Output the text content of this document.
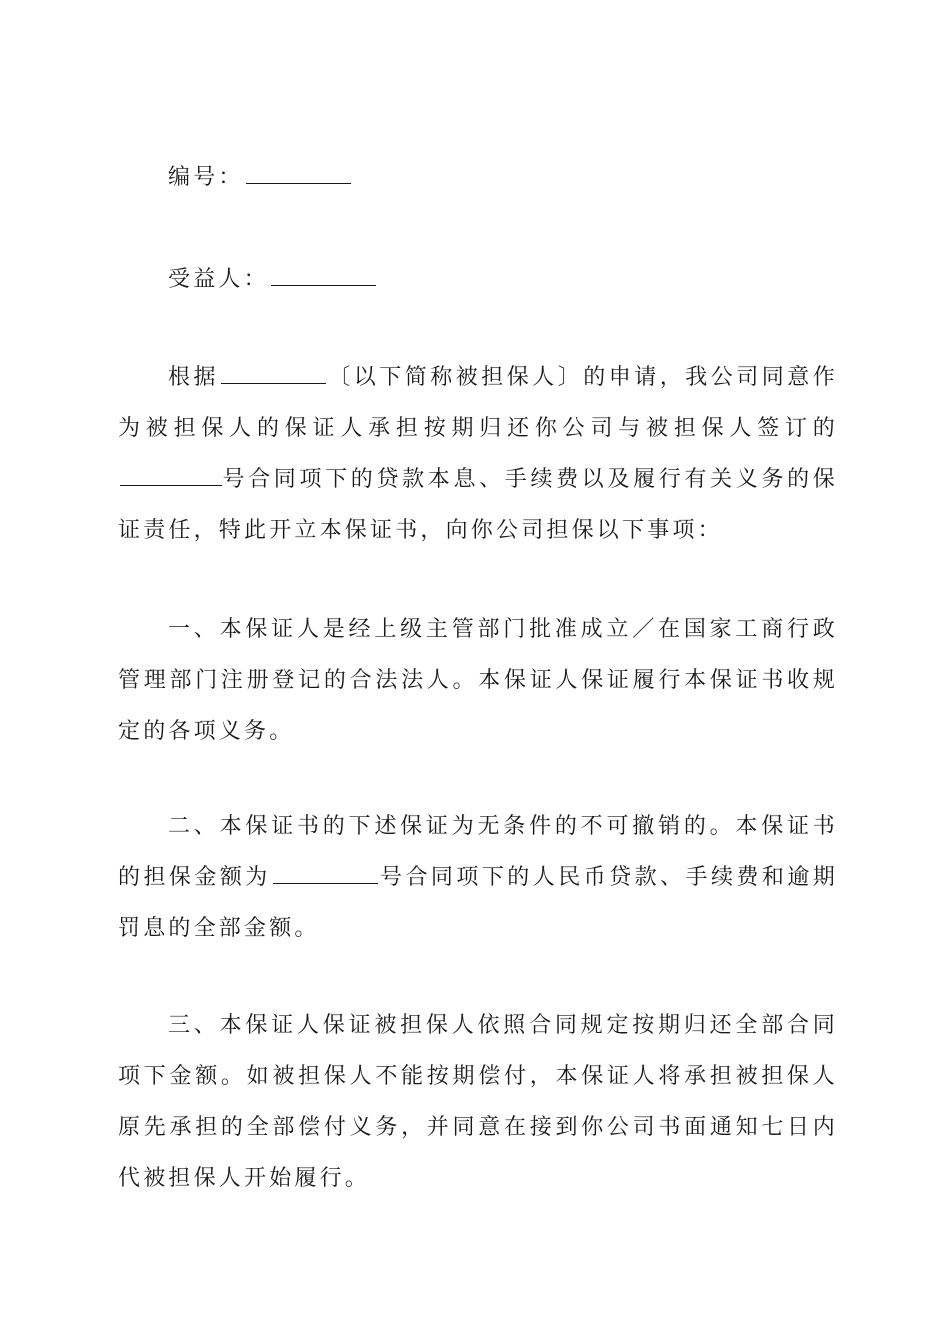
编号：

受益人：

根据	〔以下简称被担保人〕的申请，我公司同意作为被担保人的保证人承担按期归还你公司与被担保人签订的号合同项下的贷款本息、手续费以及履行有关义务的保证责任，特此开立本保证书，向你公司担保以下事项：

一、本保证人是经上级主管部门批准成立／在国家工商行政管理部门注册登记的合法法人。本保证人保证履行本保证书收规定的各项义务。

二、本保证书的下述保证为无条件的不可撤销的。本保证书的担保金额为	号合同项下的人民币贷款、手续费和逾期罚息的全部金额。

三、本保证人保证被担保人依照合同规定按期归还全部合同项下金额。如被担保人不能按期偿付，本保证人将承担被担保人原先承担的全部偿付义务，并同意在接到你公司书面通知七日内代被担保人开始履行。
